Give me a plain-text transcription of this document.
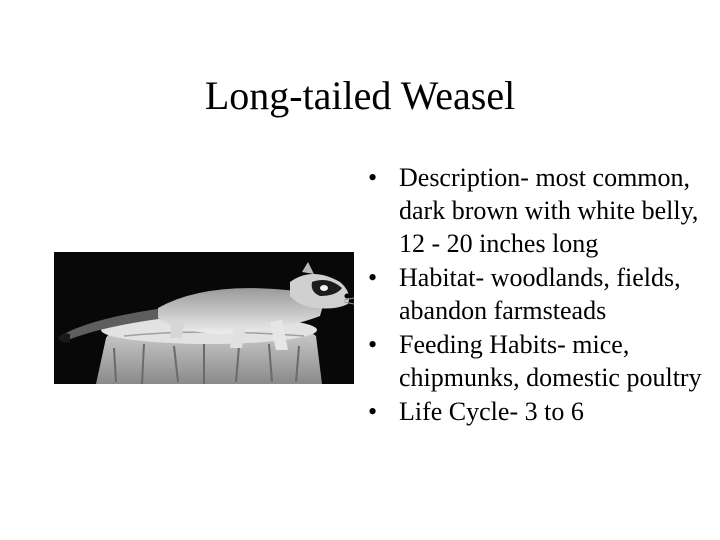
Long-tailed Weasel
• Description- most common, dark brown with white belly, 12 - 20 inches long
• Habitat- woodlands, fields, abandon farmsteads
• Feeding Habits- mice, chipmunks, domestic poultry
• Life Cycle- 3 to 6
